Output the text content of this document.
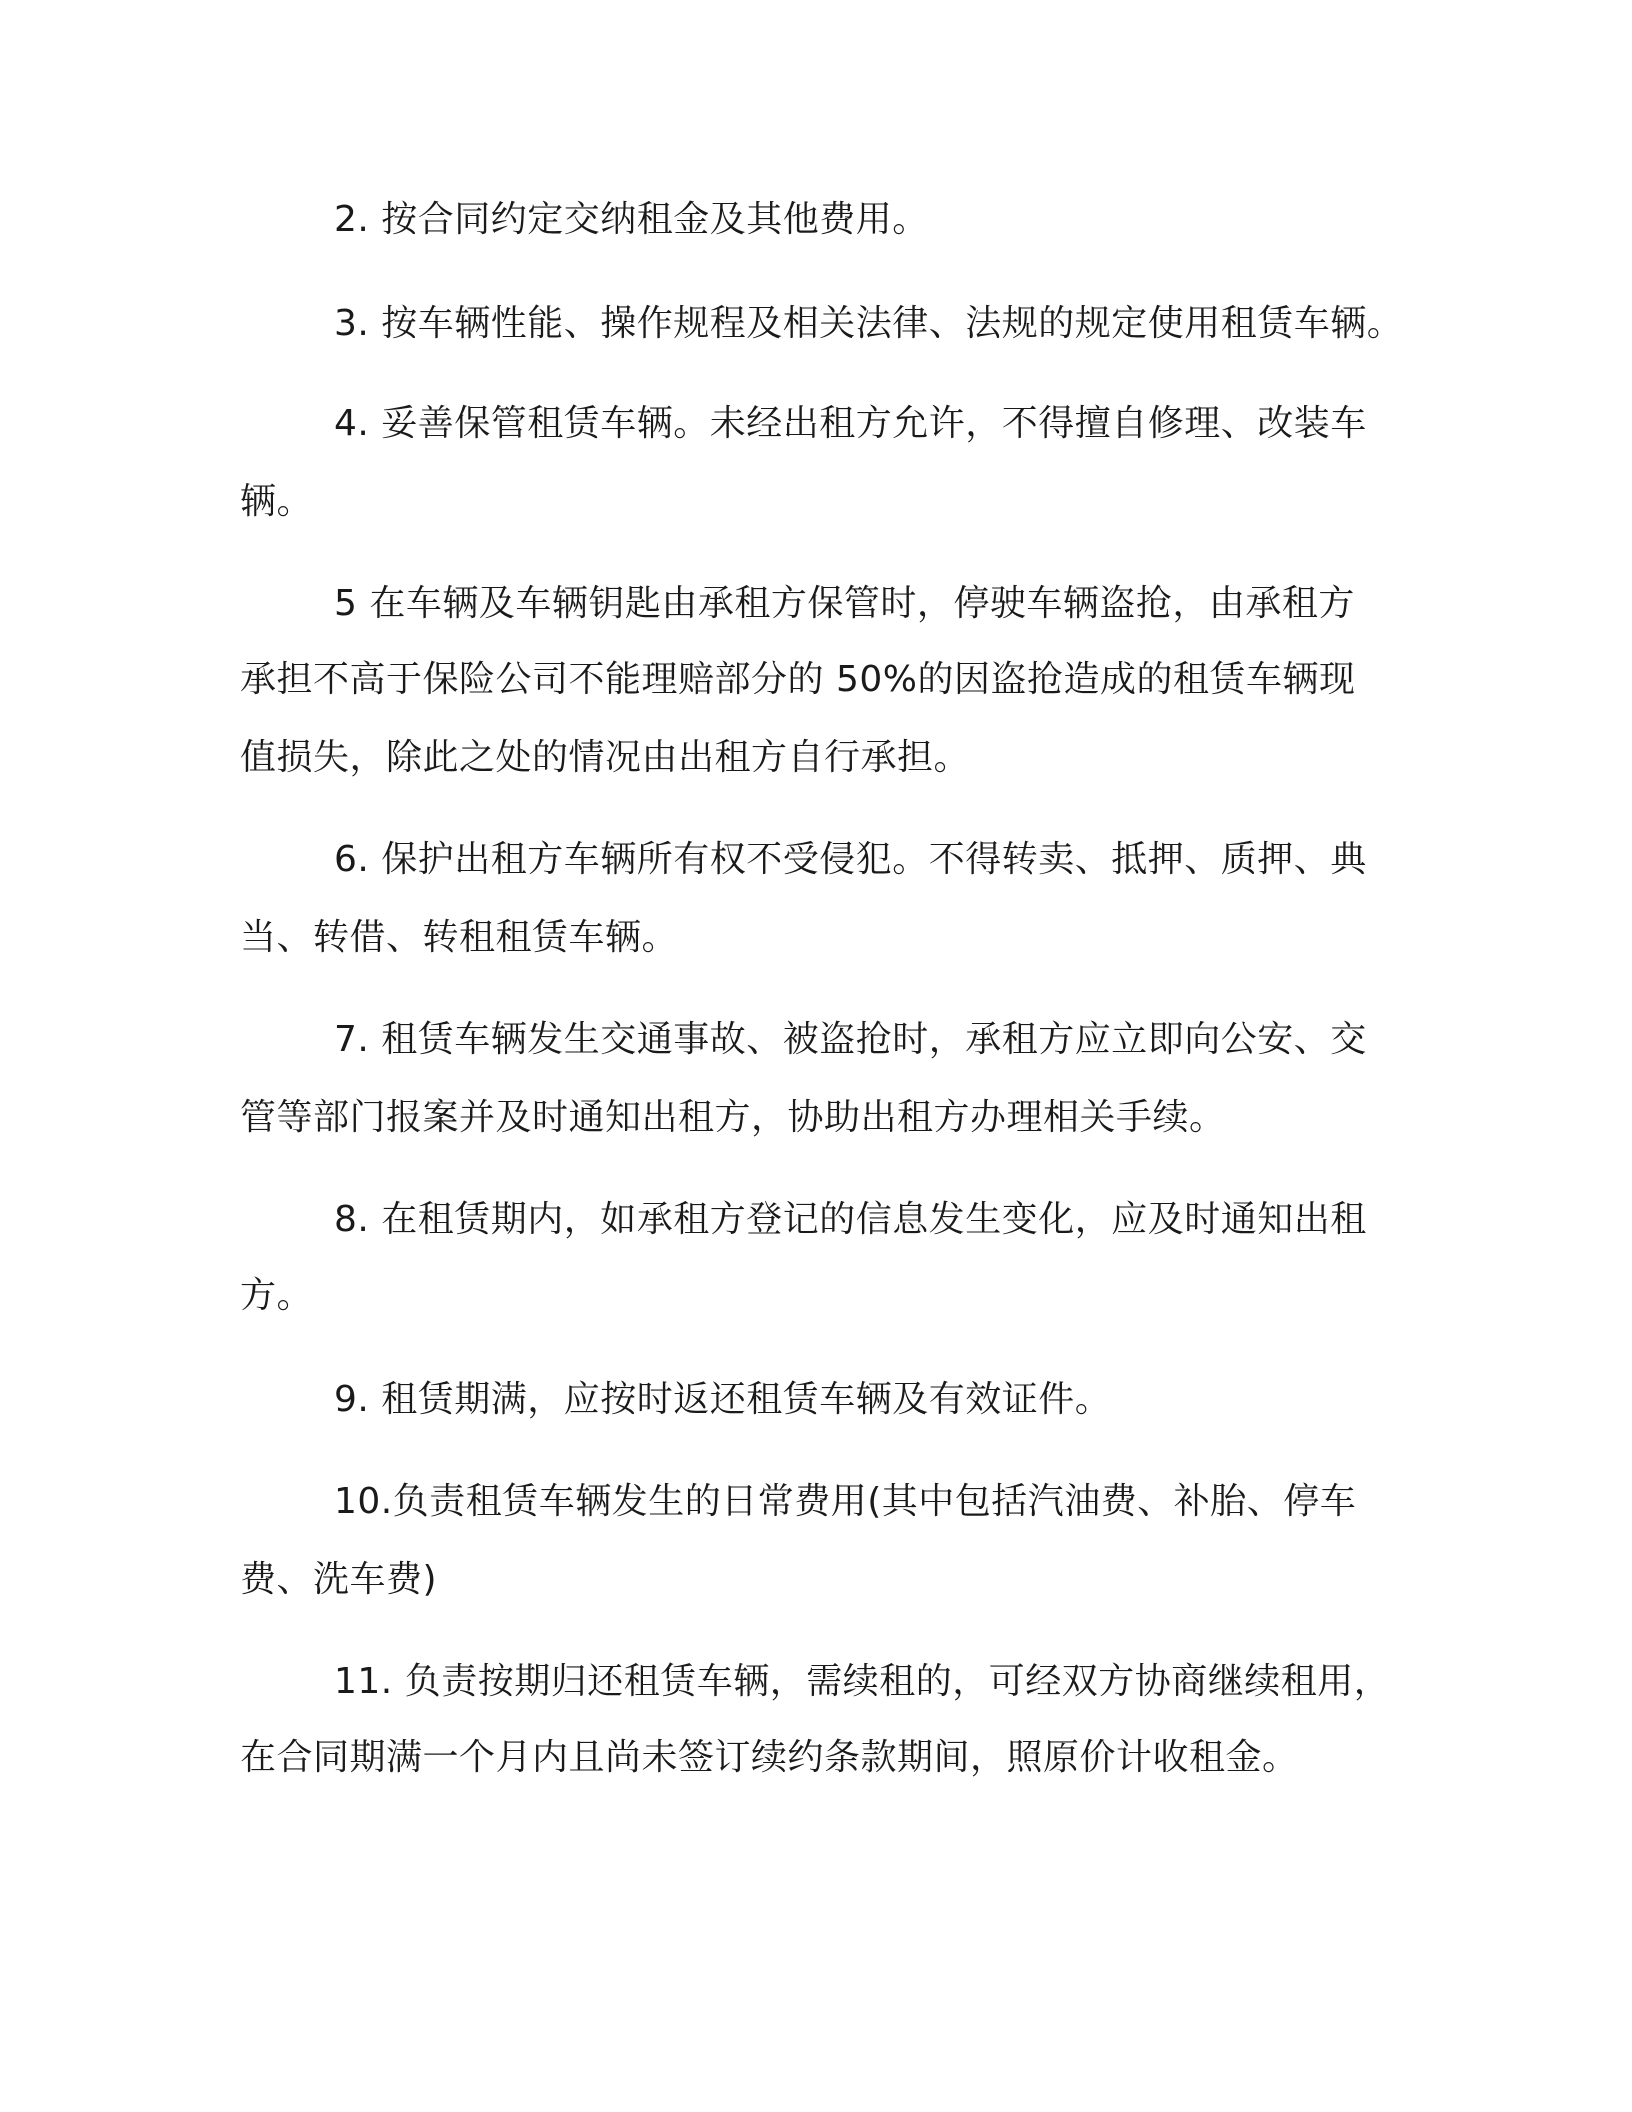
2. 按合同约定交纳租金及其他费用。

3. 按车辆性能、操作规程及相关法律、法规的规定使用租赁车辆。

4. 妥善保管租赁车辆。未经出租方允许，不得擅自修理、改装车

辆。

5 在车辆及车辆钥匙由承租方保管时，停驶车辆盗抢，由承租方

承担不高于保险公司不能理赔部分的 50%的因盗抢造成的租赁车辆现

值损失，除此之处的情况由出租方自行承担。

6. 保护出租方车辆所有权不受侵犯。不得转卖、抵押、质押、典

当、转借、转租租赁车辆。

7. 租赁车辆发生交通事故、被盗抢时，承租方应立即向公安、交

管等部门报案并及时通知出租方，协助出租方办理相关手续。

8. 在租赁期内，如承租方登记的信息发生变化，应及时通知出租

方。

9. 租赁期满，应按时返还租赁车辆及有效证件。

10.负责租赁车辆发生的日常费用(其中包括汽油费、补胎、停车

费、洗车费)

11. 负责按期归还租赁车辆，需续租的，可经双方协商继续租用，

在合同期满一个月内且尚未签订续约条款期间，照原价计收租金。
